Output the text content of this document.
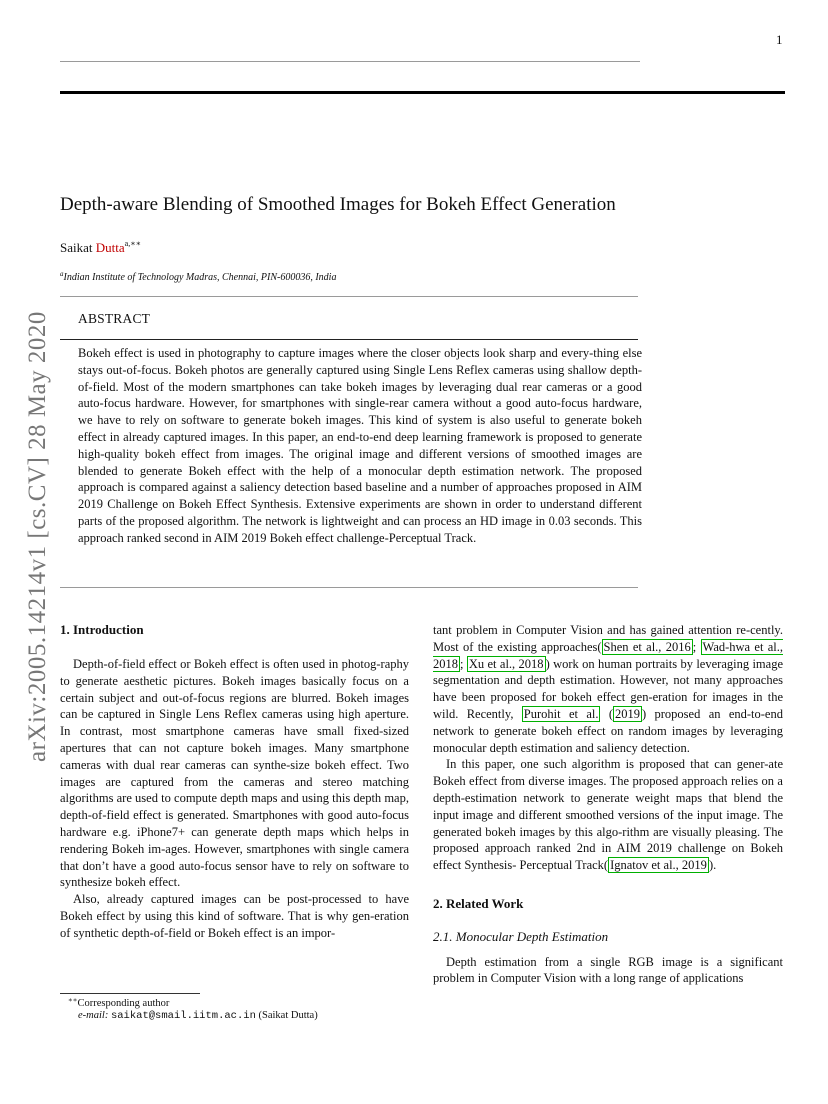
1
arXiv:2005.14214v1 [cs.CV] 28 May 2020
Depth-aware Blending of Smoothed Images for Bokeh Effect Generation
Saikat Dutta$^{a,∗∗}$
$^a$Indian Institute of Technology Madras, Chennai, PIN-600036, India
ABSTRACT
Bokeh effect is used in photography to capture images where the closer objects look sharp and every-thing else stays out-of-focus. Bokeh photos are generally captured using Single Lens Reflex cameras using shallow depth-of-field. Most of the modern smartphones can take bokeh images by leveraging dual rear cameras or a good auto-focus hardware. However, for smartphones with single-rear camera without a good auto-focus hardware, we have to rely on software to generate bokeh images. This kind of system is also useful to generate bokeh effect in already captured images. In this paper, an end-to-end deep learning framework is proposed to generate high-quality bokeh effect from images. The original image and different versions of smoothed images are blended to generate Bokeh effect with the help of a monocular depth estimation network. The proposed approach is compared against a saliency detection based baseline and a number of approaches proposed in AIM 2019 Challenge on Bokeh Effect Synthesis. Extensive experiments are shown in order to understand different parts of the proposed algorithm. The network is lightweight and can process an HD image in 0.03 seconds. This approach ranked second in AIM 2019 Bokeh effect challenge-Perceptual Track.
1. Introduction

Depth-of-field effect or Bokeh effect is often used in photog-raphy to generate aesthetic pictures. Bokeh images basically focus on a certain subject and out-of-focus regions are blurred. Bokeh images can be captured in Single Lens Reflex cameras using high aperture. In contrast, most smartphone cameras have small fixed-sized apertures that can not capture bokeh images. Many smartphone cameras with dual rear cameras can synthe-size bokeh effect. Two images are captured from the cameras and stereo matching algorithms are used to compute depth maps and using this depth map, depth-of-field effect is generated. Smartphones with good auto-focus hardware e.g. iPhone7+ can generate depth maps which helps in rendering Bokeh im-ages. However, smartphones with single camera that don’t have a good auto-focus sensor have to rely on software to synthesize bokeh effect.

Also, already captured images can be post-processed to have Bokeh effect by using this kind of software. That is why gen-eration of synthetic depth-of-field or Bokeh effect is an impor-

tant problem in Computer Vision and has gained attention re-cently. Most of the existing approaches( Shen et al., 2016 ; Wad-hwa et al., 2018 ; Xu et al., 2018 ) work on human portraits by leveraging image segmentation and depth estimation. However, not many approaches have been proposed for bokeh effect gen-eration for images in the wild. Recently, Purohit et al. ( 2019 ) proposed an end-to-end network to generate bokeh effect on random images by leveraging monocular depth estimation and saliency detection.

In this paper, one such algorithm is proposed that can gener-ate Bokeh effect from diverse images. The proposed approach relies on a depth-estimation network to generate weight maps that blend the input image and different smoothed versions of the input image. The generated bokeh images by this algo-rithm are visually pleasing. The proposed approach ranked 2nd in AIM 2019 challenge on Bokeh effect Synthesis- Perceptual Track( Ignatov et al., 2019 ).

2. Related Work
2.1. Monocular Depth Estimation

Depth estimation from a single RGB image is a significant problem in Computer Vision with a long range of applications

∗∗Corresponding author
e-mail: saikat@smail.iitm.ac.in (Saikat Dutta)
